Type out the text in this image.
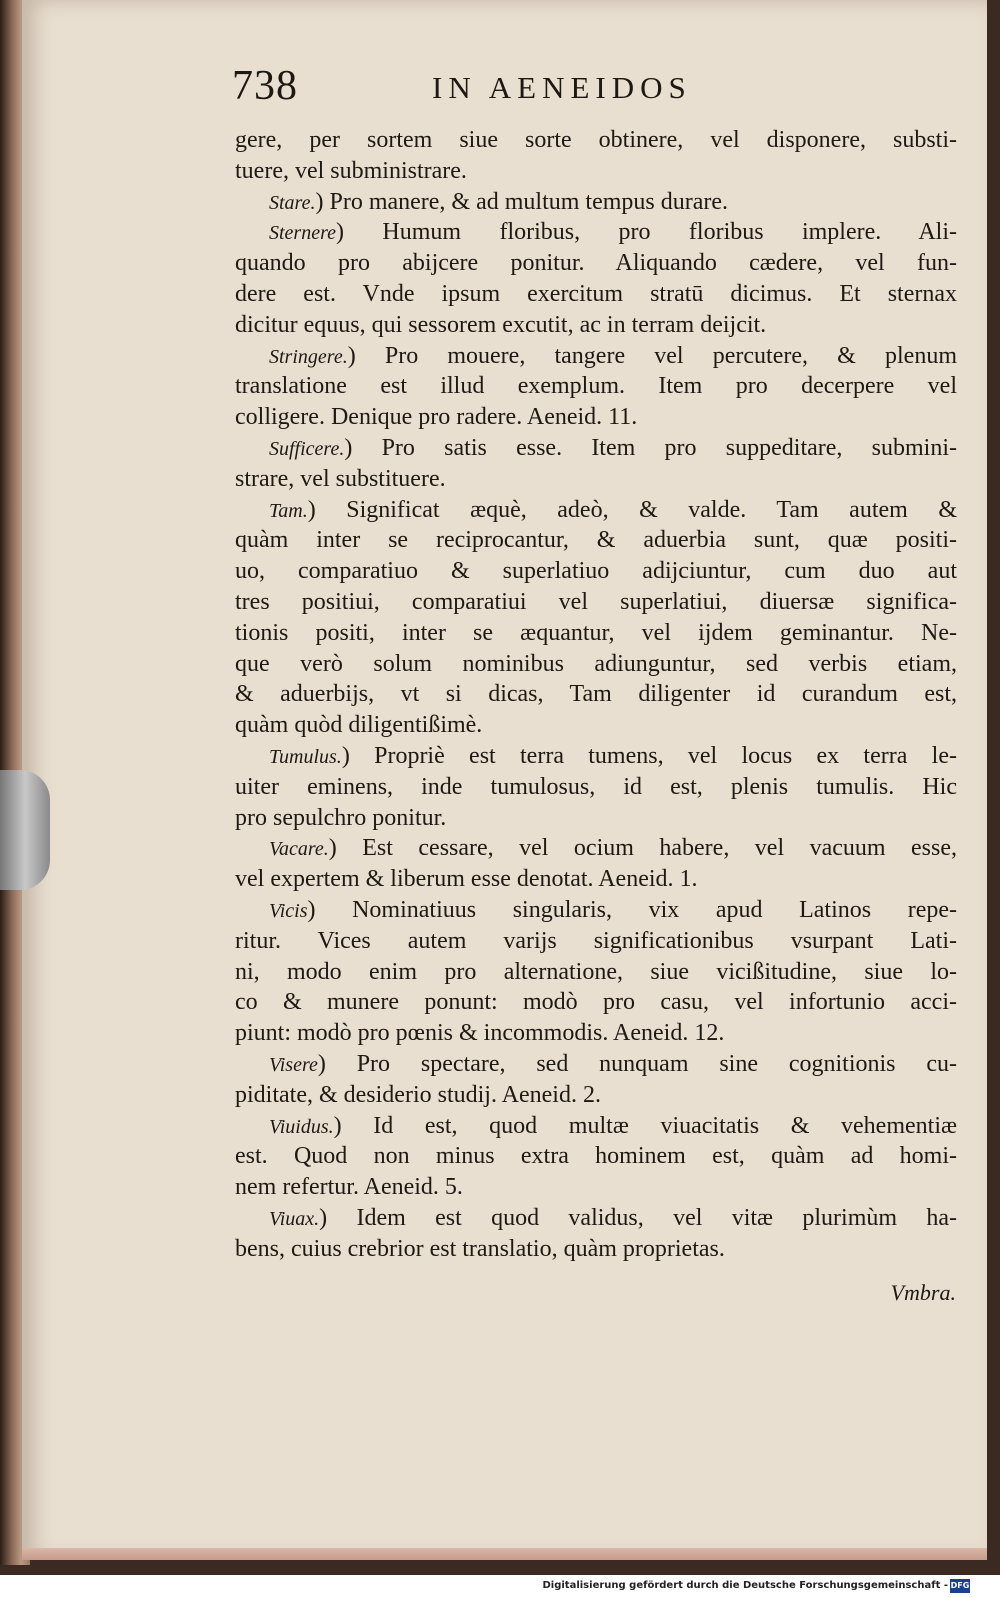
738	IN AENEIDOS
gere, per sortem siue sorte obtinere, vel disponere, substi-
tuere, vel subministrare.
Stare.) Pro manere, & ad multum tempus durare.
Sternere) Humum floribus, pro floribus implere. Ali-
quando pro abijcere ponitur. Aliquando cædere, vel fun-
dere est. Vnde ipsum exercitum stratū dicimus. Et sternax
dicitur equus, qui sessorem excutit, ac in terram deijcit.
Stringere.) Pro mouere, tangere vel percutere, & plenum
translatione est illud exemplum. Item pro decerpere vel
colligere. Denique pro radere. Aeneid. 11.
Sufficere.) Pro satis esse. Item pro suppeditare, submini-
strare, vel substituere.
Tam.) Significat æquè, adeò, & valde. Tam autem &
quàm inter se reciprocantur, & aduerbia sunt, quæ positi-
uo, comparatiuo & superlatiuo adijciuntur, cum duo aut
tres positiui, comparatiui vel superlatiui, diuersæ significa-
tionis positi, inter se æquantur, vel ijdem geminantur. Ne-
que verò solum nominibus adiunguntur, sed verbis etiam,
& aduerbijs, vt si dicas, Tam diligenter id curandum est,
quàm quòd diligentißimè.
Tumulus.) Propriè est terra tumens, vel locus ex terra le-
uiter eminens, inde tumulosus, id est, plenis tumulis. Hic
pro sepulchro ponitur.
Vacare.) Est cessare, vel ocium habere, vel vacuum esse,
vel expertem & liberum esse denotat. Aeneid. 1.
Vicis) Nominatiuus singularis, vix apud Latinos repe-
ritur. Vices autem varijs significationibus vsurpant Lati-
ni, modo enim pro alternatione, siue vicißitudine, siue lo-
co & munere ponunt: modò pro casu, vel infortunio acci-
piunt: modò pro pœnis & incommodis. Aeneid. 12.
Visere) Pro spectare, sed nunquam sine cognitionis cu-
piditate, & desiderio studij. Aeneid. 2.
Viuidus.) Id est, quod multæ viuacitatis & vehementiæ
est. Quod non minus extra hominem est, quàm ad homi-
nem refertur. Aeneid. 5.
Viuax.) Idem est quod validus, vel vitæ plurimùm ha-
bens, cuius crebrior est translatio, quàm proprietas.
Vmbra.
Digitalisierung gefördert durch die Deutsche Forschungsgemeinschaft - DFG
